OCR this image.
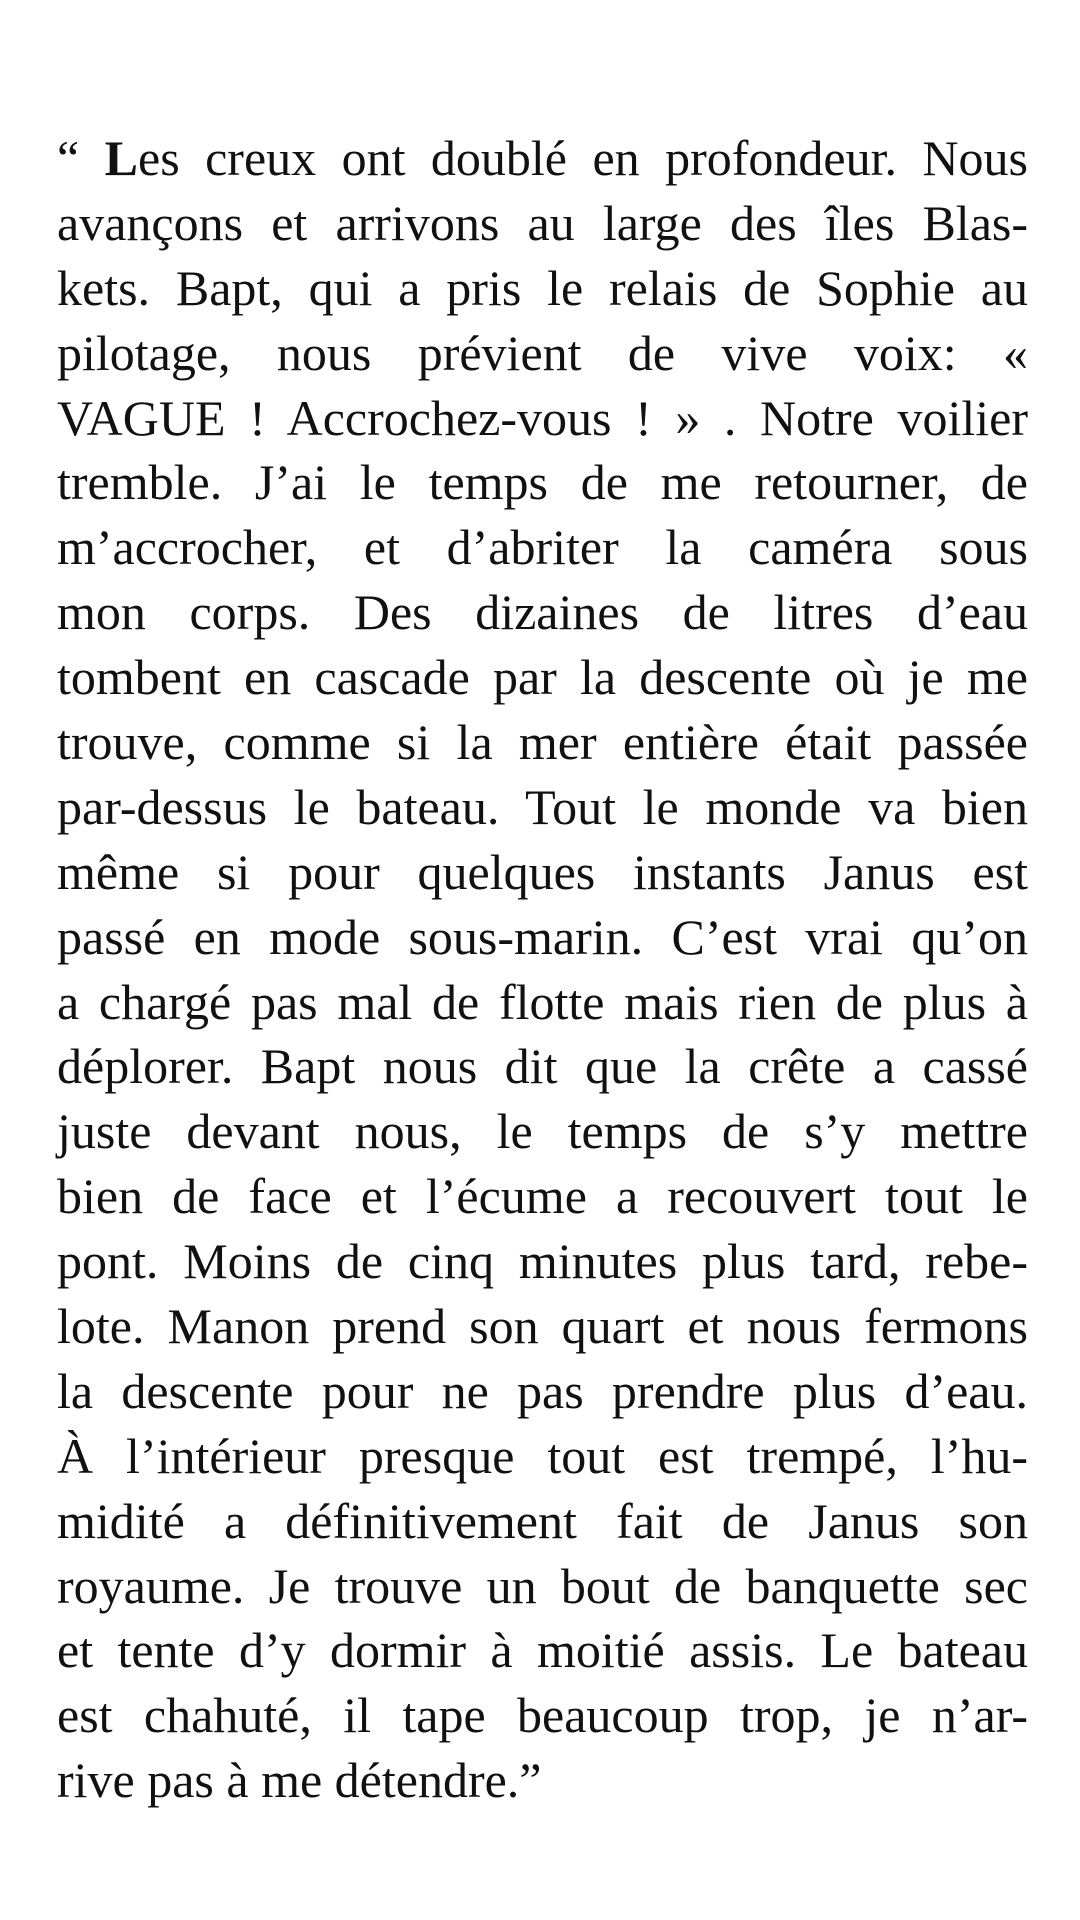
“ Les creux ont doublé en profondeur. Nous
avançons et arrivons au large des îles Blas-
kets. Bapt, qui a pris le relais de Sophie au
pilotage, nous prévient de vive voix: «
VAGUE ! Accrochez-vous ! » . Notre voilier
tremble. J’ai le temps de me retourner, de
m’accrocher, et d’abriter la caméra sous
mon corps. Des dizaines de litres d’eau
tombent en cascade par la descente où je me
trouve, comme si la mer entière était passée
par-dessus le bateau. Tout le monde va bien
même si pour quelques instants Janus est
passé en mode sous-marin. C’est vrai qu’on
a chargé pas mal de flotte mais rien de plus à
déplorer. Bapt nous dit que la crête a cassé
juste devant nous, le temps de s’y mettre
bien de face et l’écume a recouvert tout le
pont. Moins de cinq minutes plus tard, rebe-
lote. Manon prend son quart et nous fermons
la descente pour ne pas prendre plus d’eau.
À l’intérieur presque tout est trempé, l’hu-
midité a définitivement fait de Janus son
royaume. Je trouve un bout de banquette sec
et tente d’y dormir à moitié assis. Le bateau
est chahuté, il tape beaucoup trop, je n’ar-
rive pas à me détendre.”
